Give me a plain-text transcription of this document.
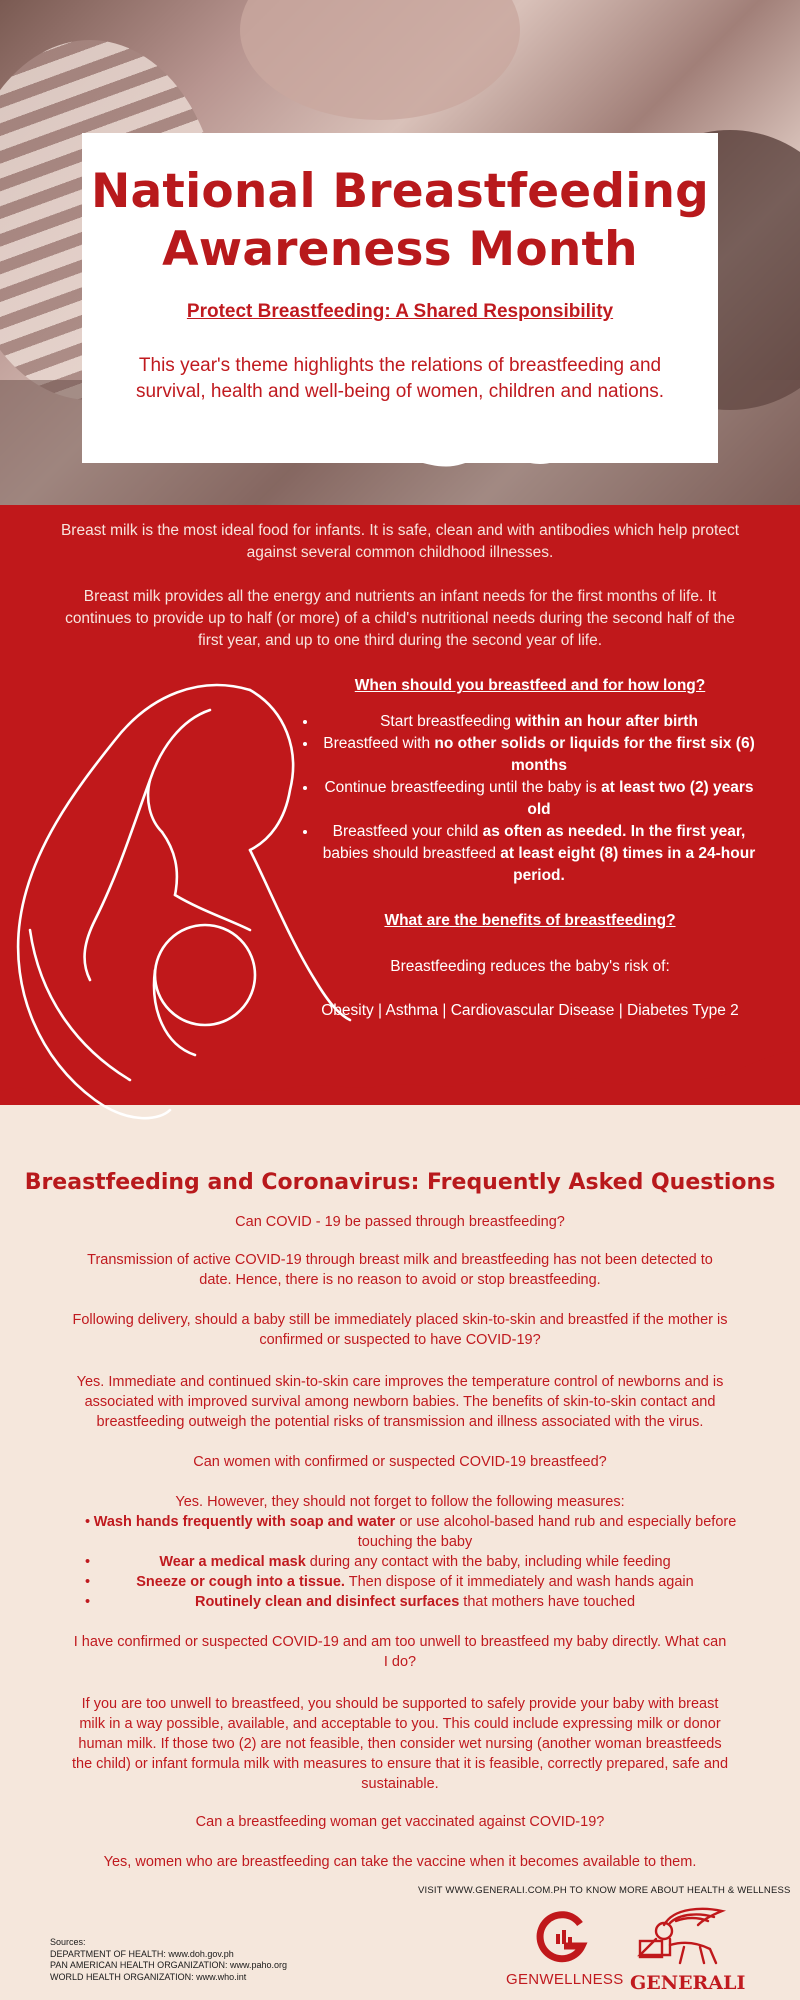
National Breastfeeding
Awareness Month
Protect Breastfeeding: A Shared Responsibility

This year's theme highlights the relations of breastfeeding and survival, health and well-being of women, children and nations.

Breast milk is the most ideal food for infants. It is safe, clean and with antibodies which help protect against several common childhood illnesses.

Breast milk provides all the energy and nutrients an infant needs for the first months of life. It continues to provide up to half (or more) of a child's nutritional needs during the second half of the first year, and up to one third during the second year of life.

When should you breastfeed and for how long?
• Start breastfeeding within an hour after birth
• Breastfeed with no other solids or liquids for the first six (6) months
• Continue breastfeeding until the baby is at least two (2) years old
• Breastfeed your child as often as needed. In the first year, babies should breastfeed at least eight (8) times in a 24-hour period.
What are the benefits of breastfeeding?
Breastfeeding reduces the baby's risk of:
Obesity | Asthma | Cardiovascular Disease | Diabetes Type 2
Breastfeeding and Coronavirus: Frequently Asked Questions

Can COVID - 19 be passed through breastfeeding?

Transmission of active COVID-19 through breast milk and breastfeeding has not been detected to date. Hence, there is no reason to avoid or stop breastfeeding.

Following delivery, should a baby still be immediately placed skin-to-skin and breastfed if the mother is confirmed or suspected to have COVID-19?

Yes. Immediate and continued skin-to-skin care improves the temperature control of newborns and is associated with improved survival among newborn babies. The benefits of skin-to-skin contact and breastfeeding outweigh the potential risks of transmission and illness associated with the virus.

Can women with confirmed or suspected COVID-19 breastfeed?

Yes. However, they should not forget to follow the following measures:

• Wash hands frequently with soap and water or use alcohol-based hand rub and especially before touching the baby
•	Wear a medical mask during any contact with the baby, including while feeding
•	Sneeze or cough into a tissue. Then dispose of it immediately and wash hands again
•	Routinely clean and disinfect surfaces that mothers have touched

I have confirmed or suspected COVID-19 and am too unwell to breastfeed my baby directly. What can I do?

If you are too unwell to breastfeed, you should be supported to safely provide your baby with breast milk in a way possible, available, and acceptable to you. This could include expressing milk or donor human milk. If those two (2) are not feasible, then consider wet nursing (another woman breastfeeds the child) or infant formula milk with measures to ensure that it is feasible, correctly prepared, safe and sustainable.

Can a breastfeeding woman get vaccinated against COVID-19?

Yes, women who are breastfeeding can take the vaccine when it becomes available to them.

VISIT WWW.GENERALI.COM.PH TO KNOW MORE ABOUT HEALTH & WELLNESS
Sources:
DEPARTMENT OF HEALTH: www.doh.gov.ph
PAN AMERICAN HEALTH ORGANIZATION: www.paho.org
WORLD HEALTH ORGANIZATION: www.who.int	GENWELLNESS GENERALI
